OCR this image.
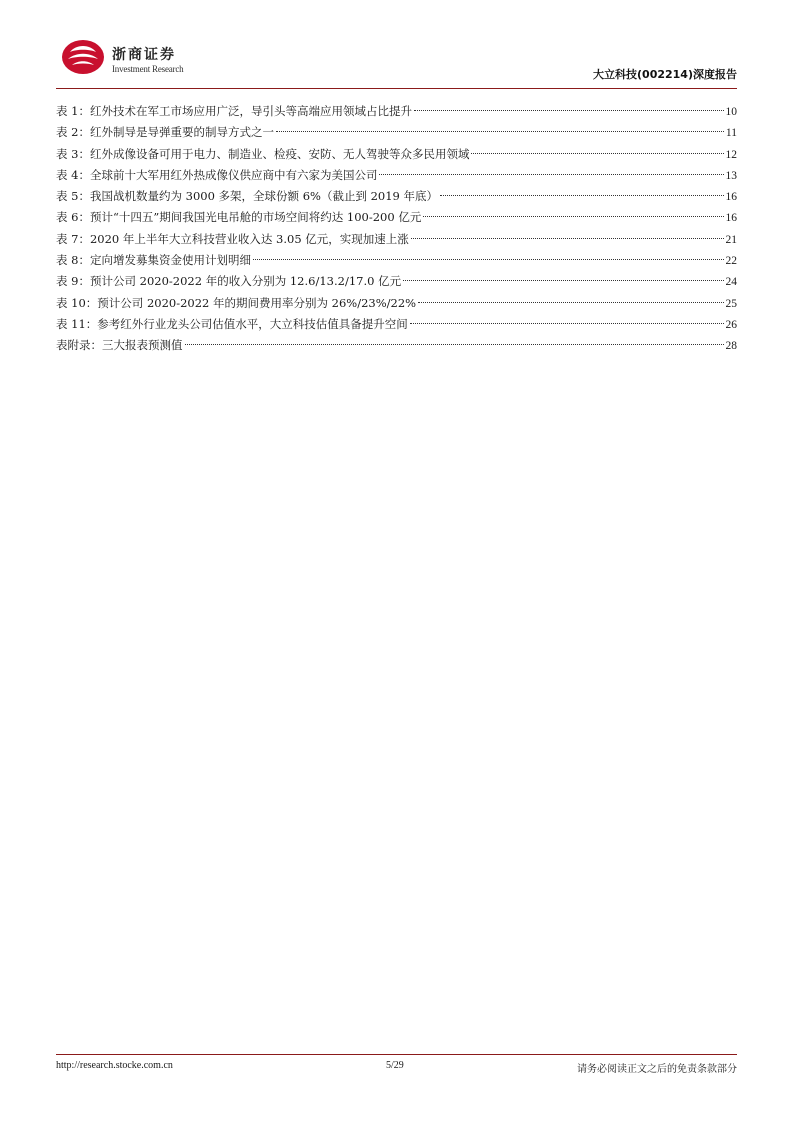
浙商证券
Investment Research	大立科技(002214)深度报告
表 1：红外技术在军工市场应用广泛，导引头等高端应用领域占比提升	10
表 2：红外制导是导弹重要的制导方式之一	11
表 3：红外成像设备可用于电力、制造业、检疫、安防、无人驾驶等众多民用领域	12
表 4：全球前十大军用红外热成像仪供应商中有六家为美国公司	13
表 5：我国战机数量约为 3000 多架，全球份额 6%（截止到 2019 年底）	16
表 6：预计“十四五”期间我国光电吊舱的市场空间将约达 100-200 亿元	16
表 7：2020 年上半年大立科技营业收入达 3.05 亿元，实现加速上涨	21
表 8：定向增发募集资金使用计划明细	22
表 9：预计公司 2020-2022 年的收入分别为 12.6/13.2/17.0 亿元	24
表 10：预计公司 2020-2022 年的期间费用率分别为 26%/23%/22%	25
表 11：参考红外行业龙头公司估值水平，大立科技估值具备提升空间	26
表附录：三大报表预测值	28
http://research.stocke.com.cn	5/29	请务必阅读正文之后的免责条款部分
